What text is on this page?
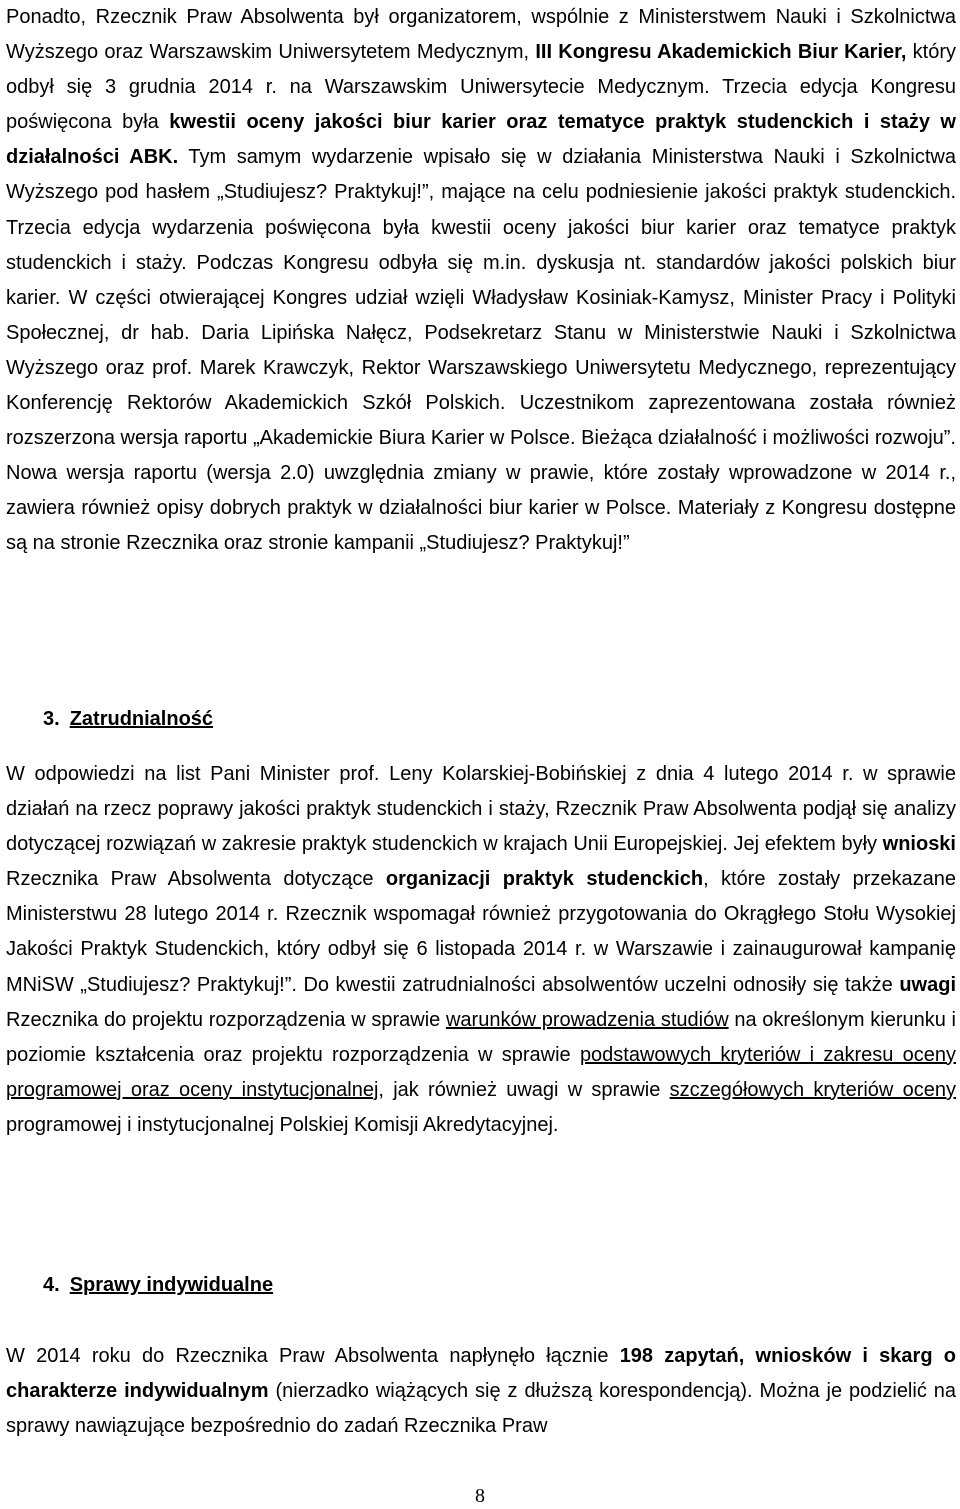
Ponadto, Rzecznik Praw Absolwenta był organizatorem, wspólnie z Ministerstwem Nauki i Szkolnictwa Wyższego oraz Warszawskim Uniwersytetem Medycznym, III Kongresu Akademickich Biur Karier, który odbył się 3 grudnia 2014 r. na Warszawskim Uniwersytecie Medycznym. Trzecia edycja Kongresu poświęcona była kwestii oceny jakości biur karier oraz tematyce praktyk studenckich i staży w działalności ABK. Tym samym wydarzenie wpisało się w działania Ministerstwa Nauki i Szkolnictwa Wyższego pod hasłem „Studiujesz? Praktykuj!”, mające na celu podniesienie jakości praktyk studenckich. Trzecia edycja wydarzenia poświęcona była kwestii oceny jakości biur karier oraz tematyce praktyk studenckich i staży. Podczas Kongresu odbyła się m.in. dyskusja nt. standardów jakości polskich biur karier. W części otwierającej Kongres udział wzięli Władysław Kosiniak-Kamysz, Minister Pracy i Polityki Społecznej, dr hab. Daria Lipińska Nałęcz, Podsekretarz Stanu w Ministerstwie Nauki i Szkolnictwa Wyższego oraz prof. Marek Krawczyk, Rektor Warszawskiego Uniwersytetu Medycznego, reprezentujący Konferencję Rektorów Akademickich Szkół Polskich. Uczestnikom zaprezentowana została również rozszerzona wersja raportu „Akademickie Biura Karier w Polsce. Bieżąca działalność i możliwości rozwoju”. Nowa wersja raportu (wersja 2.0) uwzględnia zmiany w prawie, które zostały wprowadzone w 2014 r., zawiera również opisy dobrych praktyk w działalności biur karier w Polsce. Materiały z Kongresu dostępne są na stronie Rzecznika oraz stronie kampanii „Studiujesz? Praktykuj!”

3. Zatrudnialność

W odpowiedzi na list Pani Minister prof. Leny Kolarskiej-Bobińskiej z dnia 4 lutego 2014 r. w sprawie działań na rzecz poprawy jakości praktyk studenckich i staży, Rzecznik Praw Absolwenta podjął się analizy dotyczącej rozwiązań w zakresie praktyk studenckich w krajach Unii Europejskiej. Jej efektem były wnioski Rzecznika Praw Absolwenta dotyczące organizacji praktyk studenckich, które zostały przekazane Ministerstwu 28 lutego 2014 r. Rzecznik wspomagał również przygotowania do Okrągłego Stołu Wysokiej Jakości Praktyk Studenckich, który odbył się 6 listopada 2014 r. w Warszawie i zainaugurował kampanię MNiSW „Studiujesz? Praktykuj!”. Do kwestii zatrudnialności absolwentów uczelni odnosiły się także uwagi Rzecznika do projektu rozporządzenia w sprawie warunków prowadzenia studiów na określonym kierunku i poziomie kształcenia oraz projektu rozporządzenia w sprawie podstawowych kryteriów i zakresu oceny programowej oraz oceny instytucjonalnej, jak również uwagi w sprawie szczegółowych kryteriów oceny programowej i instytucjonalnej Polskiej Komisji Akredytacyjnej.

4. Sprawy indywidualne

W 2014 roku do Rzecznika Praw Absolwenta napłynęło łącznie 198 zapytań, wniosków i skarg o charakterze indywidualnym (nierzadko wiążących się z dłuższą korespondencją). Można je podzielić na sprawy nawiązujące bezpośrednio do zadań Rzecznika Praw

8
